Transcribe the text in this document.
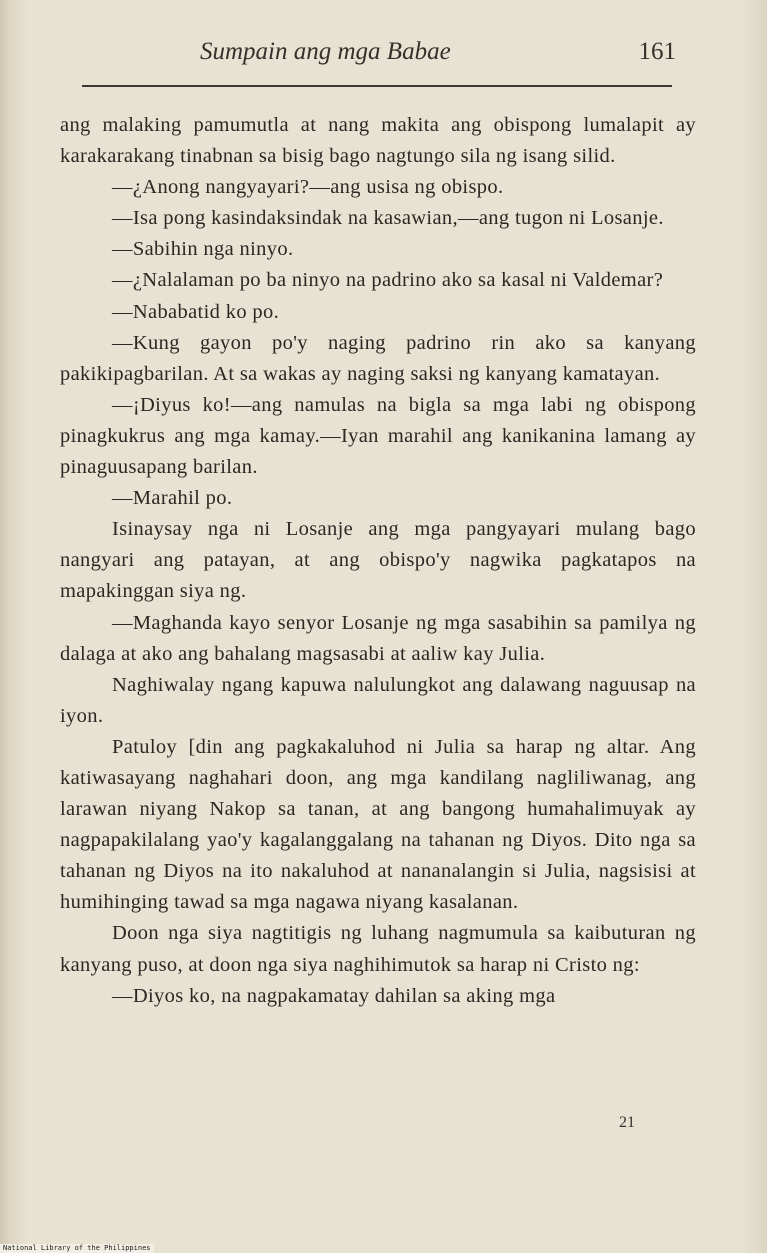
Sumpain ang mga Babae	161

ang malaking pamumutla at nang makita ang obispong lumalapit ay karakarakang tinabnan sa bisig bago nagtungo sila ng isang silid.

—¿Anong nangyayari?—ang usisa ng obispo.

—Isa pong kasindaksindak na kasawian,—ang tugon ni Losanje.

—Sabihin nga ninyo.

—¿Nalalaman po ba ninyo na padrino ako sa kasal ni Valdemar?

—Nababatid ko po.

—Kung gayon po'y naging padrino rin ako sa kanyang pakikipagbarilan. At sa wakas ay naging saksi ng kanyang kamatayan.

—¡Diyus ko!—ang namulas na bigla sa mga labi ng obispong pinagkukrus ang mga kamay.—Iyan marahil ang kanikanina lamang ay pinaguusapang barilan.

—Marahil po.

Isinaysay nga ni Losanje ang mga pangyayari mulang bago nangyari ang patayan, at ang obispo'y nagwika pagkatapos na mapakinggan siya ng.

—Maghanda kayo senyor Losanje ng mga sasabihin sa pamilya ng dalaga at ako ang bahalang magsasabi at aaliw kay Julia.

Naghiwalay ngang kapuwa nalulungkot ang dalawang naguusap na iyon.

Patuloy [din ang pagkakaluhod ni Julia sa harap ng altar. Ang katiwasayang naghahari doon, ang mga kandilang nagliliwanag, ang larawan niyang Nakop sa tanan, at ang bangong humahalimuyak ay nagpapakilalang yao'y kagalanggalang na tahanan ng Diyos. Dito nga sa tahanan ng Diyos na ito nakaluhod at nananalangin si Julia, nagsisisi at humihinging tawad sa mga nagawa niyang kasalanan.

Doon nga siya nagtitigis ng luhang nagmumula sa kaibuturan ng kanyang puso, at doon nga siya naghihimutok sa harap ni Cristo ng:

—Diyos ko, na nagpakamatay dahilan sa aking mga

21
National Library of the Philippines
